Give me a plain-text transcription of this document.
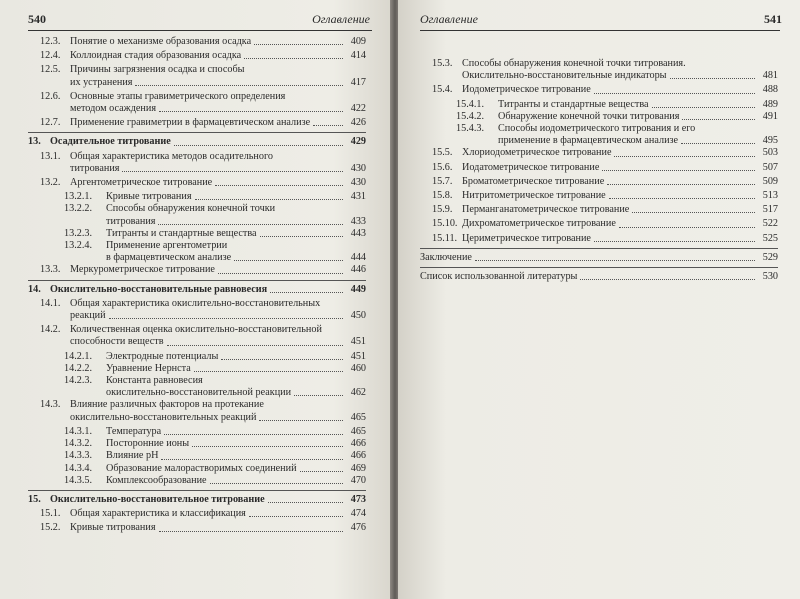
540	Оглавление
12.3. Понятие о механизме образования осадка	409
12.4. Коллоидная стадия образования осадка	414
12.5. Причины загрязнения осадка и способы
их устранения	417
12.6. Основные этапы гравиметрического определения
методом осаждения	422
12.7. Применение гравиметрии в фармацевтическом анализе	426
13. Осадительное титрование	429
13.1. Общая характеристика методов осадительного
титрования	430
13.2. Аргентометрическое титрование	430
13.2.1.	Кривые титрования	431
13.2.2.	Способы обнаружения конечной точки
титрования	433
13.2.3.	Титранты и стандартные вещества	443
13.2.4.	Применение аргентометрии
в фармацевтическом анализе	444
13.3. Меркурометрическое титрование	446
14. Окислительно-восстановительные равновесия	449
14.1. Общая характеристика окислительно-восстановительных
реакций	450
14.2. Количественная оценка окислительно-восстановительной
способности веществ	451
14.2.1.	Электродные потенциалы	451
14.2.2.	Уравнение Нернста	460
14.2.3.	Константа равновесия
окислительно-восстановительной реакции	462
14.3. Влияние различных факторов на протекание
окислительно-восстановительных реакций	465
14.3.1.	Температура	465
14.3.2.	Посторонние ионы	466
14.3.3.	Влияние pH	466
14.3.4.	Образование малорастворимых соединений	469
14.3.5.	Комплексообразование	470
15. Окислительно-восстановительное титрование	473
15.1. Общая характеристика и классификация	474
15.2. Кривые титрования	476
Оглавление	541
15.3. Способы обнаружения конечной точки титрования.
Окислительно-восстановительные индикаторы	481
15.4. Иодометрическое титрование	488
15.4.1.	Титранты и стандартные вещества	489
15.4.2.	Обнаружение конечной точки титрования	491
15.4.3.	Способы иодометрического титрования и его
применение в фармацевтическом анализе	495
15.5. Хлориодометрическое титрование	503
15.6. Иодатометрическое титрование	507
15.7. Броматометрическое титрование	509
15.8. Нитритометрическое титрование	513
15.9. Перманганатометрическое титрование	517
15.10. Дихроматометрическое титрование	522
15.11. Цериметрическое титрование	525
Заключение	529
Список использованной литературы	530
